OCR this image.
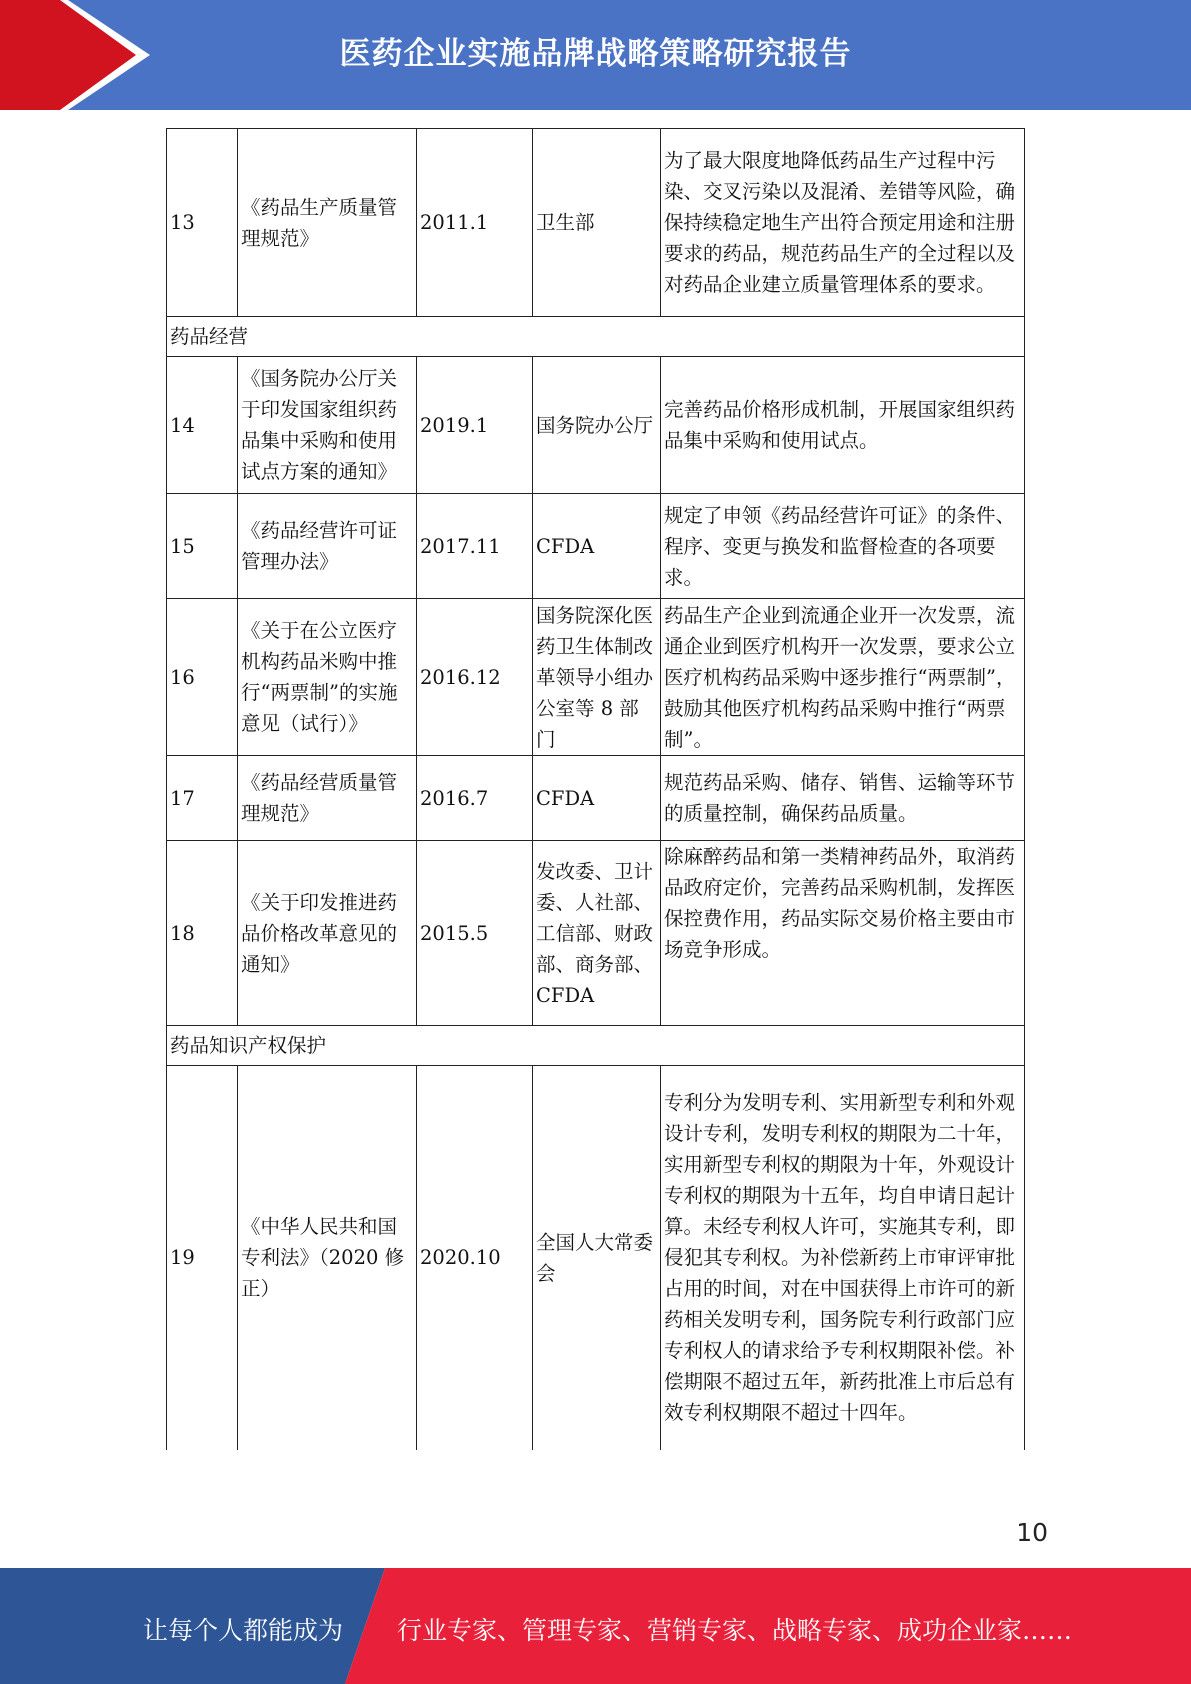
医药企业实施品牌战略策略研究报告
13	《药品生产质量管理规范》	2011.1	卫生部	为了最大限度地降低药品生产过程中污染、交叉污染以及混淆、差错等风险，确保持续稳定地生产出符合预定用途和注册要求的药品，规范药品生产的全过程以及对药品企业建立质量管理体系的要求。
药品经营				
14	《国务院办公厅关于印发国家组织药品集中采购和使用试点方案的通知》	2019.1	国务院办公厅	完善药品价格形成机制，开展国家组织药品集中采购和使用试点。
15	《药品经营许可证管理办法》	2017.11	CFDA	规定了申领《药品经营许可证》的条件、程序、变更与换发和监督检查的各项要求。
16	《关于在公立医疗机构药品米购中推行“两票制”的实施意见（试行）》	2016.12	国务院深化医药卫生体制改革领导小组办公室等 8 部门	药品生产企业到流通企业开一次发票，流通企业到医疗机构开一次发票，要求公立医疗机构药品采购中逐步推行“两票制”，鼓励其他医疗机构药品采购中推行“两票制”。
17	《药品经营质量管理规范》	2016.7	CFDA	规范药品采购、储存、销售、运输等环节的质量控制，确保药品质量。
18	《关于印发推进药品价格改革意见的通知》	2015.5	发改委、卫计委、人社部、工信部、财政部、商务部、CFDA	除麻醉药品和第一类精神药品外，取消药品政府定价，完善药品采购机制，发挥医保控费作用，药品实际交易价格主要由市场竞争形成。
药品知识产权保护				
19	《中华人民共和国专利法》（2020 修正）	2020.10	全国人大常委会	专利分为发明专利、实用新型专利和外观设计专利，发明专利权的期限为二十年，实用新型专利权的期限为十年，外观设计专利权的期限为十五年，均自申请日起计算。未经专利权人许可，实施其专利，即侵犯其专利权。为补偿新药上市审评审批占用的时间，对在中国获得上市许可的新药相关发明专利，国务院专利行政部门应专利权人的请求给予专利权期限补偿。补偿期限不超过五年，新药批准上市后总有效专利权期限不超过十四年。
10
让每个人都能成为 行业专家、管理专家、营销专家、战略专家、成功企业家……
